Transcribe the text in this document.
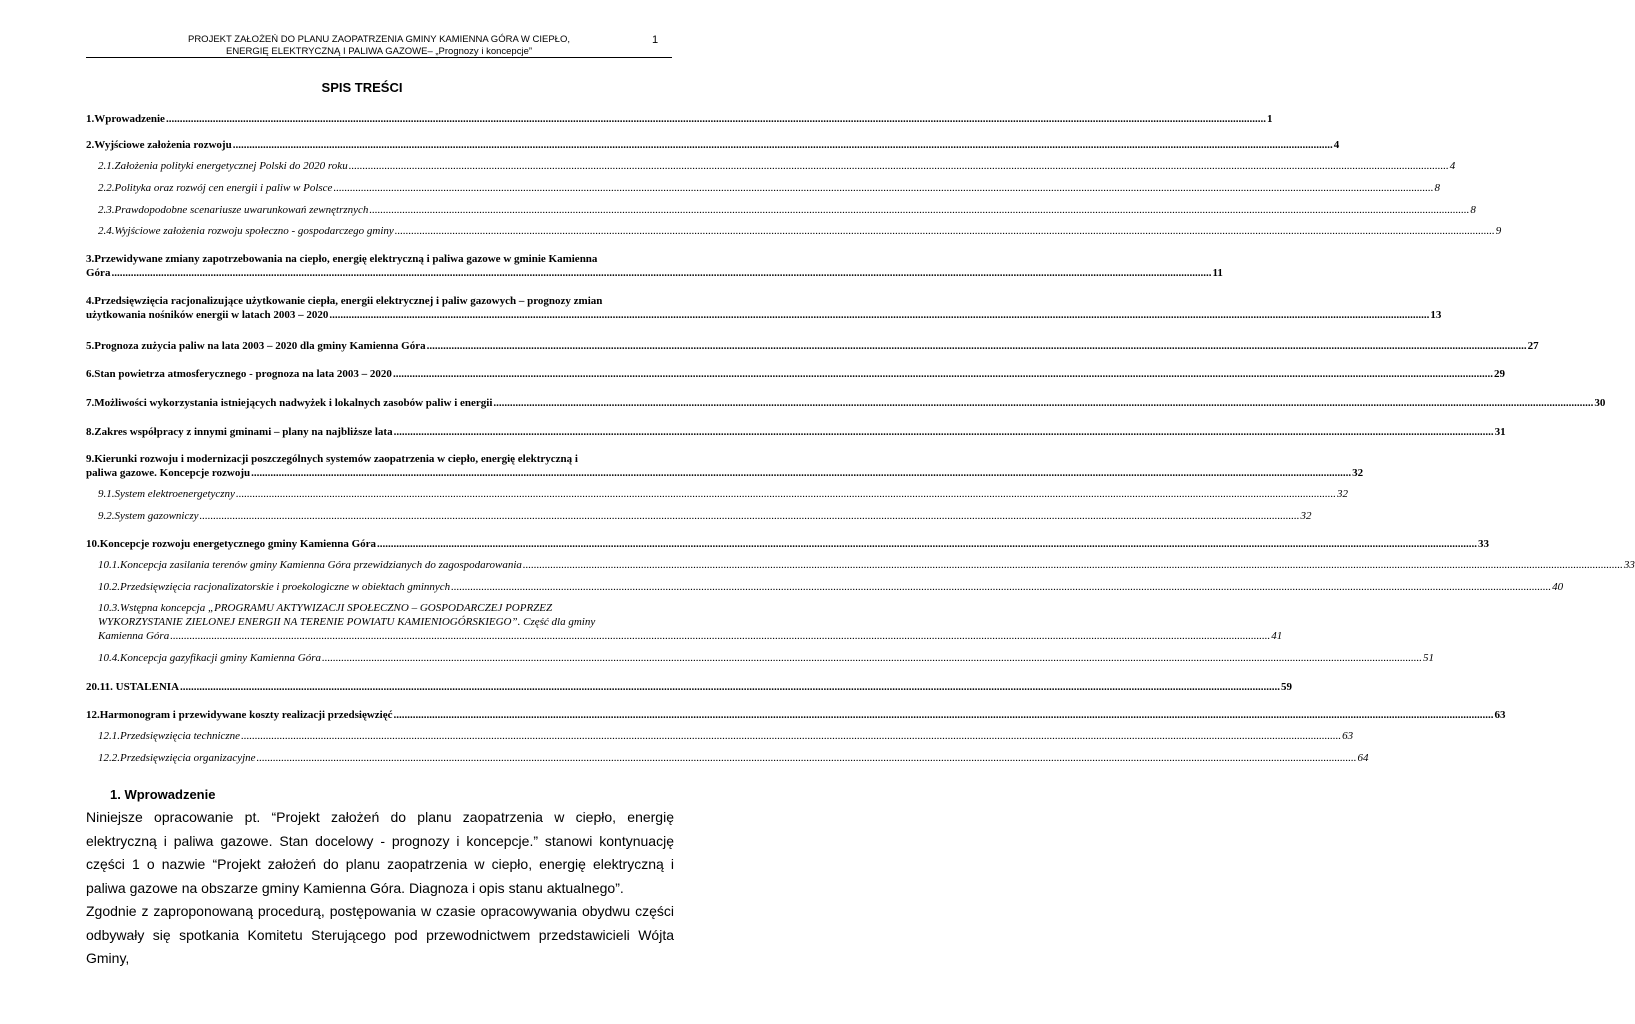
PROJEKT ZAŁOŻEŃ DO PLANU ZAOPATRZENIA GMINY KAMIENNA GÓRA W CIEPŁO,
ENERGIĘ ELEKTRYCZNĄ I PALIWA GAZOWE– „Prognozy i koncepcje”
1
SPIS TREŚCI
1.Wprowadzenie ................................................................................................................................................................................................................................................................................................................................................................................................................ 1
2.Wyjściowe założenia rozwoju ................................................................................................................................................................................................................................................................................................................................................................................................................ 4
2.1.Założenia polityki energetycznej Polski do 2020 roku ................................................................................................................................................................................................................................................................................................................................................................................................................ 4
2.2.Polityka oraz rozwój cen energii i paliw w Polsce ................................................................................................................................................................................................................................................................................................................................................................................................................ 8
2.3.Prawdopodobne scenariusze uwarunkowań zewnętrznych ................................................................................................................................................................................................................................................................................................................................................................................................................ 8
2.4.Wyjściowe założenia rozwoju społeczno - gospodarczego gminy ................................................................................................................................................................................................................................................................................................................................................................................................................ 9
3.Przewidywane zmiany zapotrzebowania na ciepło, energię elektryczną i paliwa gazowe w gminie Kamienna
Góra ................................................................................................................................................................................................................................................................................................................................................................................................................ 11
4.Przedsięwzięcia racjonalizujące użytkowanie ciepła, energii elektrycznej i paliw gazowych – prognozy zmian
użytkowania nośników energii w latach 2003 – 2020 ................................................................................................................................................................................................................................................................................................................................................................................................................ 13
5.Prognoza zużycia paliw na lata 2003 – 2020 dla gminy Kamienna Góra ................................................................................................................................................................................................................................................................................................................................................................................................................ 27
6.Stan powietrza atmosferycznego - prognoza na lata 2003 – 2020 ................................................................................................................................................................................................................................................................................................................................................................................................................ 29
7.Możliwości wykorzystania istniejących nadwyżek i lokalnych zasobów paliw i energii ................................................................................................................................................................................................................................................................................................................................................................................................................ 30
8.Zakres współpracy z innymi gminami – plany na najbliższe lata ................................................................................................................................................................................................................................................................................................................................................................................................................ 31
9.Kierunki rozwoju i modernizacji poszczególnych systemów zaopatrzenia w ciepło, energię elektryczną i
paliwa gazowe. Koncepcje rozwoju ................................................................................................................................................................................................................................................................................................................................................................................................................ 32
9.1.System elektroenergetyczny ................................................................................................................................................................................................................................................................................................................................................................................................................ 32
9.2.System gazowniczy ................................................................................................................................................................................................................................................................................................................................................................................................................ 32
10.Koncepcje rozwoju energetycznego gminy Kamienna Góra ................................................................................................................................................................................................................................................................................................................................................................................................................ 33
10.1.Koncepcja zasilania terenów gminy Kamienna Góra przewidzianych do zagospodarowania ................................................................................................................................................................................................................................................................................................................................................................................................................ 33
10.2.Przedsięwzięcia racjonalizatorskie i proekologiczne w obiektach gminnych ................................................................................................................................................................................................................................................................................................................................................................................................................ 40
10.3.Wstępna koncepcja „PROGRAMU AKTYWIZACJI SPOŁECZNO – GOSPODARCZEJ POPRZEZ
WYKORZYSTANIE ZIELONEJ ENERGII NA TERENIE POWIATU KAMIENIOGÓRSKIEGO”. Część dla gminy
Kamienna Góra ................................................................................................................................................................................................................................................................................................................................................................................................................ 41
10.4.Koncepcja gazyfikacji gminy Kamienna Góra ................................................................................................................................................................................................................................................................................................................................................................................................................ 51
20.11. USTALENIA ................................................................................................................................................................................................................................................................................................................................................................................................................ 59
12.Harmonogram i przewidywane koszty realizacji przedsięwzięć ................................................................................................................................................................................................................................................................................................................................................................................................................ 63
12.1.Przedsięwzięcia techniczne ................................................................................................................................................................................................................................................................................................................................................................................................................ 63
12.2.Przedsięwzięcia organizacyjne ................................................................................................................................................................................................................................................................................................................................................................................................................ 64
1. Wprowadzenie

Niniejsze opracowanie pt. “Projekt założeń do planu zaopatrzenia w ciepło, energię elektryczną i paliwa gazowe. Stan docelowy - prognozy i koncepcje.” stanowi kontynuację części 1 o nazwie “Projekt założeń do planu zaopatrzenia w ciepło, energię elektryczną i paliwa gazowe na obszarze gminy Kamienna Góra. Diagnoza i opis stanu aktualnego”.

Zgodnie z zaproponowaną procedurą, postępowania w czasie opracowywania obydwu części odbywały się spotkania Komitetu Sterującego pod przewodnictwem przedstawicieli Wójta Gminy,
